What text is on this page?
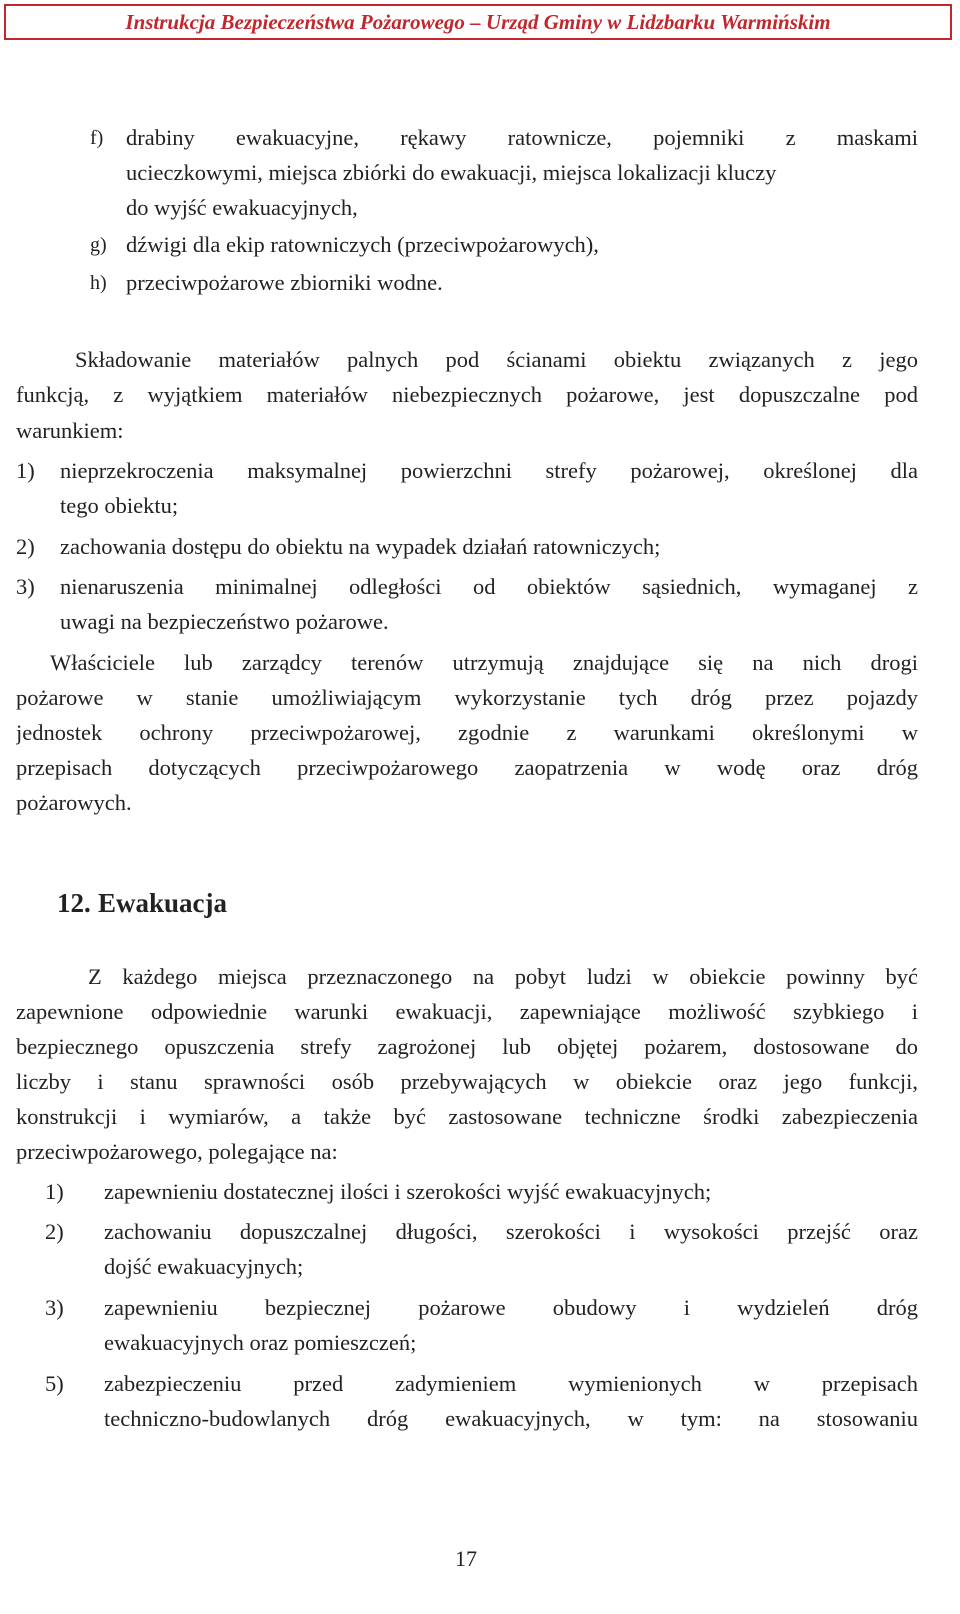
Instrukcja Bezpieczeństwa Pożarowego – Urząd Gminy w Lidzbarku Warmińskim
f) drabiny ewakuacyjne, rękawy ratownicze, pojemniki z maskami
ucieczkowymi, miejsca zbiórki do ewakuacji, miejsca lokalizacji kluczy
do wyjść ewakuacyjnych,
g) dźwigi dla ekip ratowniczych (przeciwpożarowych),
h) przeciwpożarowe zbiorniki wodne.
Składowanie materiałów palnych pod ścianami obiektu związanych z jego
funkcją, z wyjątkiem materiałów niebezpiecznych pożarowe, jest dopuszczalne pod
warunkiem:
1) nieprzekroczenia maksymalnej powierzchni strefy pożarowej, określonej dla
tego obiektu;
2) zachowania dostępu do obiektu na wypadek działań ratowniczych;
3) nienaruszenia minimalnej odległości od obiektów sąsiednich, wymaganej z
uwagi na bezpieczeństwo pożarowe.
Właściciele lub zarządcy terenów utrzymują znajdujące się na nich drogi
pożarowe w stanie umożliwiającym wykorzystanie tych dróg przez pojazdy
jednostek ochrony przeciwpożarowej, zgodnie z warunkami określonymi w
przepisach dotyczących przeciwpożarowego zaopatrzenia w wodę oraz dróg
pożarowych.
12. Ewakuacja
Z każdego miejsca przeznaczonego na pobyt ludzi w obiekcie powinny być
zapewnione odpowiednie warunki ewakuacji, zapewniające możliwość szybkiego i
bezpiecznego opuszczenia strefy zagrożonej lub objętej pożarem, dostosowane do
liczby i stanu sprawności osób przebywających w obiekcie oraz jego funkcji,
konstrukcji i wymiarów, a także być zastosowane techniczne środki zabezpieczenia
przeciwpożarowego, polegające na:
1) zapewnieniu dostatecznej ilości i szerokości wyjść ewakuacyjnych;
2) zachowaniu dopuszczalnej długości, szerokości i wysokości przejść oraz
dojść ewakuacyjnych;
3) zapewnieniu bezpiecznej pożarowe obudowy i wydzieleń dróg
ewakuacyjnych oraz pomieszczeń;
5) zabezpieczeniu przed zadymieniem wymienionych w przepisach
techniczno-budowlanych dróg ewakuacyjnych, w tym: na stosowaniu
17
